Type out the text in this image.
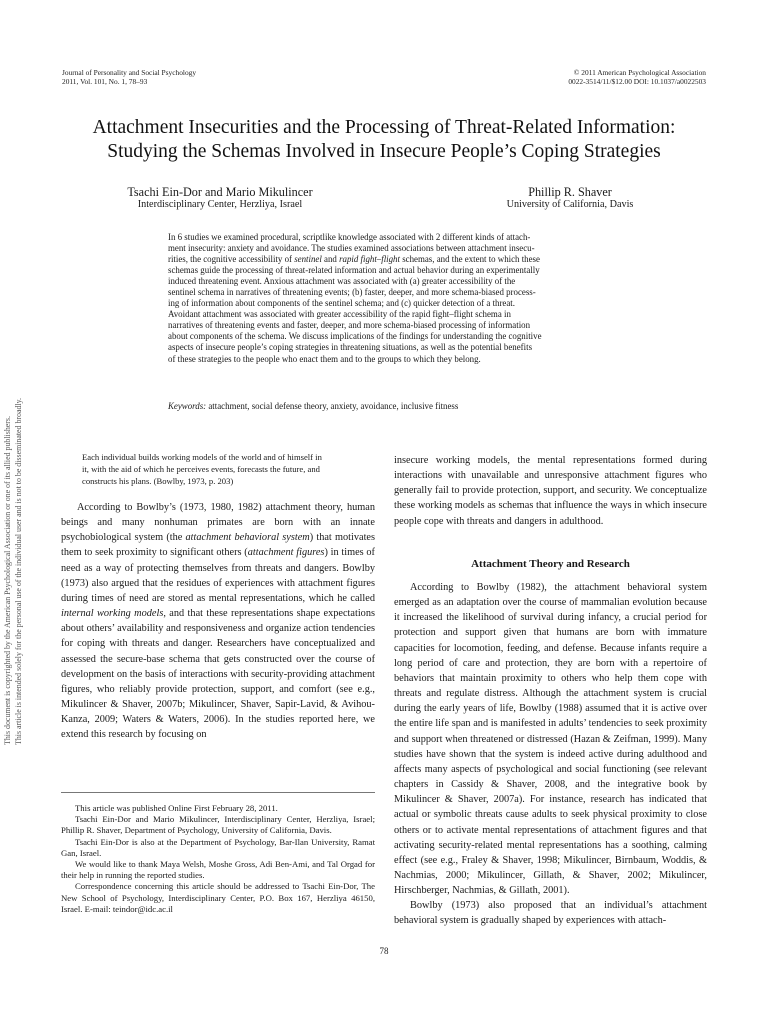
Journal of Personality and Social Psychology
2011, Vol. 101, No. 1, 78–93
© 2011 American Psychological Association
0022-3514/11/$12.00 DOI: 10.1037/a0022503
Attachment Insecurities and the Processing of Threat-Related Information:
Studying the Schemas Involved in Insecure People’s Coping Strategies
Tsachi Ein-Dor and Mario Mikulincer
Interdisciplinary Center, Herzliya, Israel
Phillip R. Shaver
University of California, Davis
In 6 studies we examined procedural, scriptlike knowledge associated with 2 different kinds of attach-
ment insecurity: anxiety and avoidance. The studies examined associations between attachment insecu-
rities, the cognitive accessibility of sentinel and rapid fight–flight schemas, and the extent to which these
schemas guide the processing of threat-related information and actual behavior during an experimentally
induced threatening event. Anxious attachment was associated with (a) greater accessibility of the
sentinel schema in narratives of threatening events; (b) faster, deeper, and more schema-biased process-
ing of information about components of the sentinel schema; and (c) quicker detection of a threat.
Avoidant attachment was associated with greater accessibility of the rapid fight–flight schema in
narratives of threatening events and faster, deeper, and more schema-biased processing of information
about components of the schema. We discuss implications of the findings for understanding the cognitive
aspects of insecure people’s coping strategies in threatening situations, as well as the potential benefits
of these strategies to the people who enact them and to the groups to which they belong.
Keywords: attachment, social defense theory, anxiety, avoidance, inclusive fitness
Each individual builds working models of the world and of himself in
it, with the aid of which he perceives events, forecasts the future, and
constructs his plans. (Bowlby, 1973, p. 203)

According to Bowlby’s (1973, 1980, 1982) attachment theory, human beings and many nonhuman primates are born with an innate psychobiological system (the attachment behavioral system) that motivates them to seek proximity to significant others (attachment figures) in times of need as a way of protecting themselves from threats and dangers. Bowlby (1973) also argued that the residues of experiences with attachment figures during times of need are stored as mental representations, which he called internal working models, and that these representations shape expectations about others’ availability and responsiveness and organize action tendencies for coping with threats and danger. Researchers have conceptualized and assessed the secure-base schema that gets constructed over the course of development on the basis of interactions with security-providing attachment figures, who reliably provide protection, support, and comfort (see e.g., Mikulincer & Shaver, 2007b; Mikulincer, Shaver, Sapir-Lavid, & Avihou-Kanza, 2009; Waters & Waters, 2006). In the studies reported here, we extend this research by focusing on

This article was published Online First February 28, 2011.

Tsachi Ein-Dor and Mario Mikulincer, Interdisciplinary Center, Herzliya, Israel; Phillip R. Shaver, Department of Psychology, University of California, Davis.

Tsachi Ein-Dor is also at the Department of Psychology, Bar-Ilan University, Ramat Gan, Israel.

We would like to thank Maya Welsh, Moshe Gross, Adi Ben-Ami, and Tal Orgad for their help in running the reported studies.

Correspondence concerning this article should be addressed to Tsachi Ein-Dor, The New School of Psychology, Interdisciplinary Center, P.O. Box 167, Herzliya 46150, Israel. E-mail: teindor@idc.ac.il

insecure working models, the mental representations formed during interactions with unavailable and unresponsive attachment figures who generally fail to provide protection, support, and security. We conceptualize these working models as schemas that influence the ways in which insecure people cope with threats and dangers in adulthood.

Attachment Theory and Research

According to Bowlby (1982), the attachment behavioral system emerged as an adaptation over the course of mammalian evolution because it increased the likelihood of survival during infancy, a crucial period for protection and support given that humans are born with immature capacities for locomotion, feeding, and defense. Because infants require a long period of care and protection, they are born with a repertoire of behaviors that maintain proximity to others who help them cope with threats and regulate distress. Although the attachment system is crucial during the early years of life, Bowlby (1988) assumed that it is active over the entire life span and is manifested in adults’ tendencies to seek proximity and support when threatened or distressed (Hazan & Zeifman, 1999). Many studies have shown that the system is indeed active during adulthood and affects many aspects of psychological and social functioning (see relevant chapters in Cassidy & Shaver, 2008, and the integrative book by Mikulincer & Shaver, 2007a). For instance, research has indicated that actual or symbolic threats cause adults to seek physical proximity to close others or to activate mental representations of attachment figures and that activating security-related mental representations has a soothing, calming effect (see e.g., Fraley & Shaver, 1998; Mikulincer, Birnbaum, Woddis, & Nachmias, 2000; Mikulincer, Gillath, & Shaver, 2002; Mikulincer, Hirschberger, Nachmias, & Gillath, 2001).

Bowlby (1973) also proposed that an individual’s attachment behavioral system is gradually shaped by experiences with attach-

This document is copyrighted by the American Psychological Association or one of its allied publishers. This article is intended solely for the personal use of the individual user and is not to be disseminated broadly.
78
